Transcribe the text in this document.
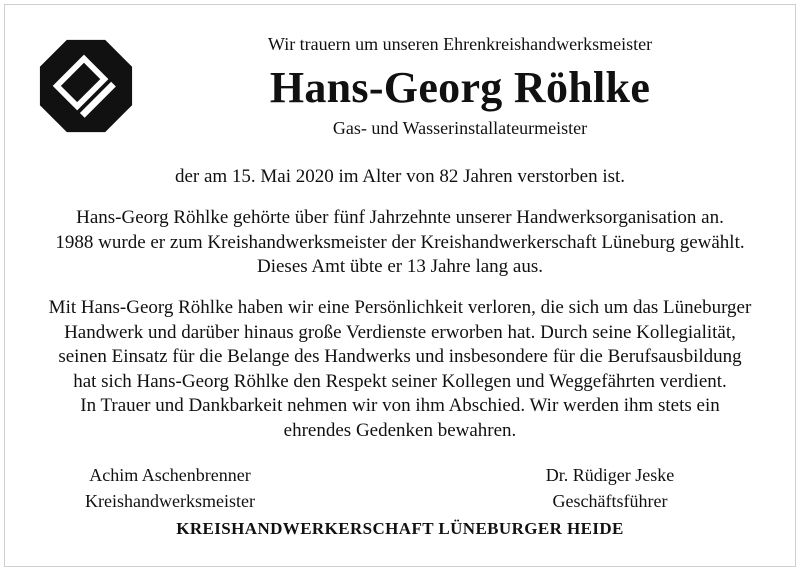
Wir trauern um unseren Ehrenkreishandwerksmeister
Hans-Georg Röhlke
Gas- und Wasserinstallateurmeister
der am 15. Mai 2020 im Alter von 82 Jahren verstorben ist.
Hans-Georg Röhlke gehörte über fünf Jahrzehnte unserer Handwerksorganisation an.
1988 wurde er zum Kreishandwerksmeister der Kreishandwerkerschaft Lüneburg gewählt.
Dieses Amt übte er 13 Jahre lang aus.
Mit Hans-Georg Röhlke haben wir eine Persönlichkeit verloren, die sich um das Lüneburger
Handwerk und darüber hinaus große Verdienste erworben hat. Durch seine Kollegialität,
seinen Einsatz für die Belange des Handwerks und insbesondere für die Berufsausbildung
hat sich Hans-Georg Röhlke den Respekt seiner Kollegen und Weggefährten verdient.
In Trauer und Dankbarkeit nehmen wir von ihm Abschied. Wir werden ihm stets ein
ehrendes Gedenken bewahren.
Achim Aschenbrenner
Kreishandwerksmeister
Dr. Rüdiger Jeske
Geschäftsführer
KREISHANDWERKERSCHAFT LÜNEBURGER HEIDE
